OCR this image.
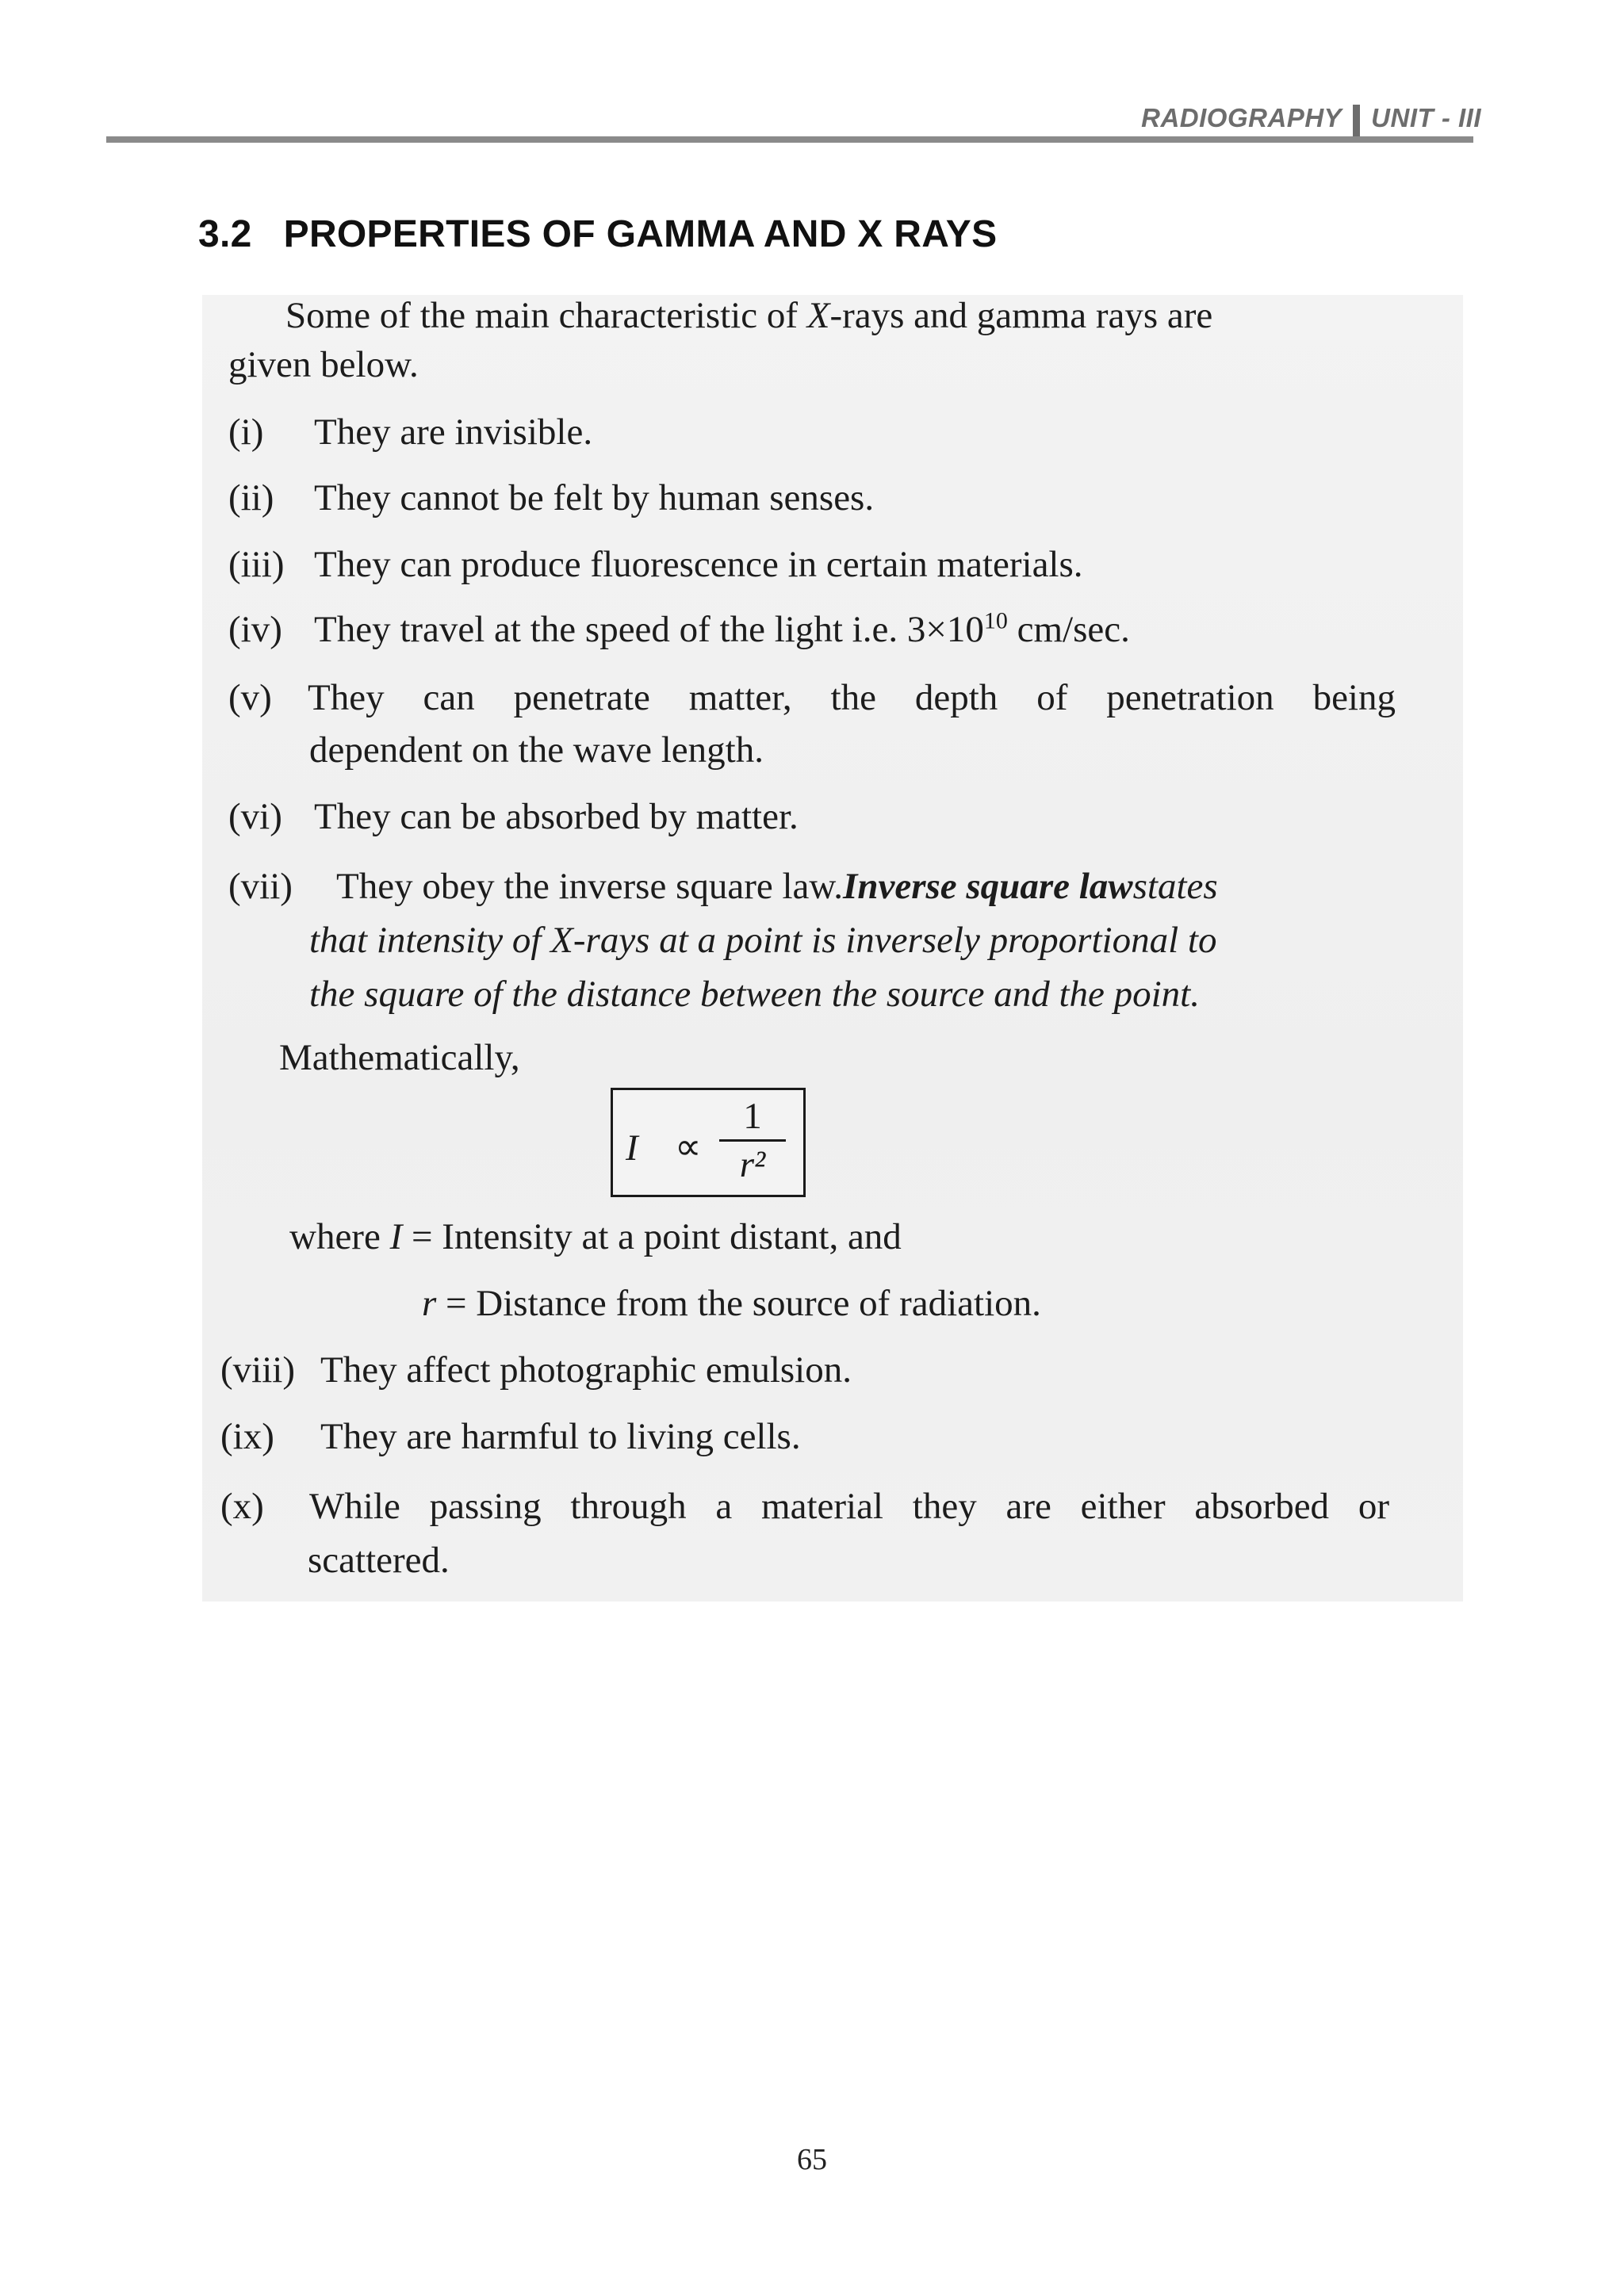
RADIOGRAPHY UNIT - III
3.2 PROPERTIES OF GAMMA AND X RAYS
Some of the main characteristic of X-rays and gamma rays are
given below.
(i) They are invisible.
(ii) They cannot be felt by human senses.
(iii) They can produce fluorescence in certain materials.
(iv) They travel at the speed of the light i.e. $3\times 10^{10}$ cm/sec.
(v) They can penetrate matter, the depth of penetration being
dependent on the wave length.
(vi) They can be absorbed by matter.
(vii)	They obey the inverse square law. Inverse square law states
that intensity of X-rays at a point is inversely proportional to
the square of the distance between the source and the point.
Mathematically,
I ∝
1
r²
where I = Intensity at a point distant, and
r = Distance from the source of radiation.
(viii) They affect photographic emulsion.
(ix) They are harmful to living cells.
(x) While passing through a material they are either absorbed or
scattered.
65
